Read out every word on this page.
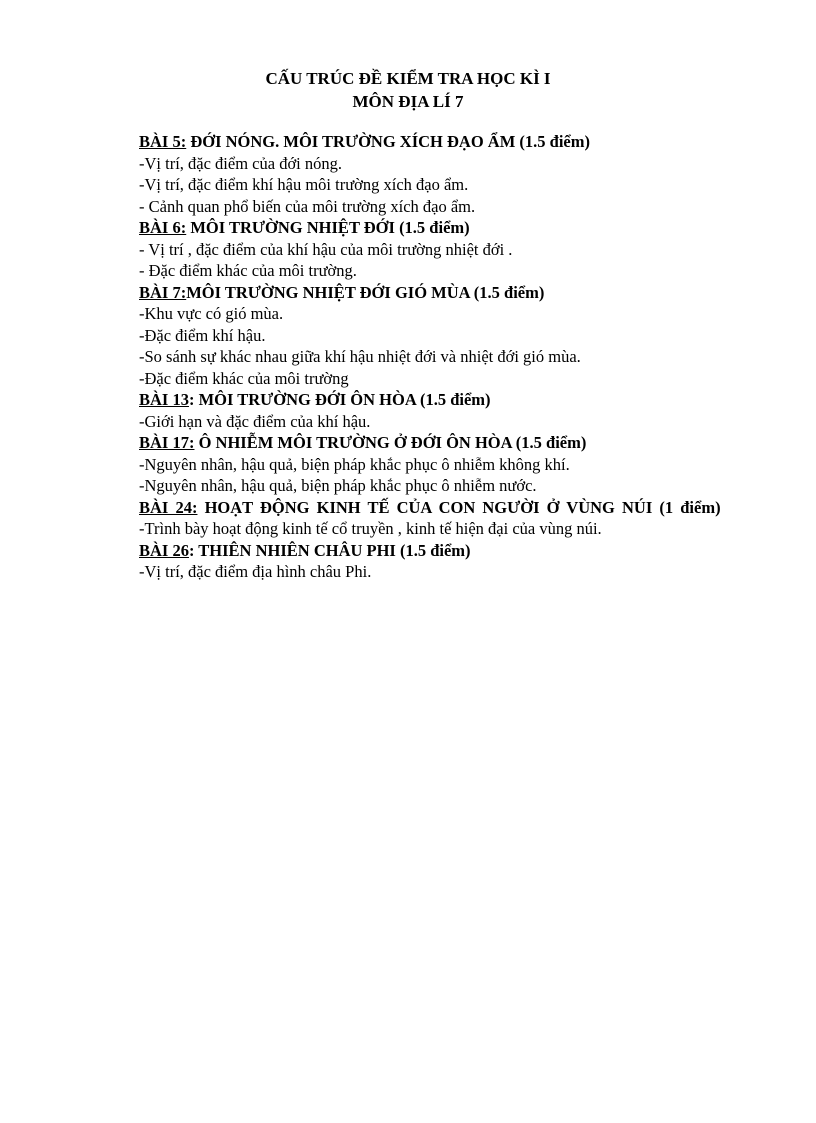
CẤU TRÚC ĐỀ KIỂM TRA HỌC KÌ I
MÔN ĐỊA LÍ 7
BÀI 5: ĐỚI NÓNG. MÔI TRƯỜNG XÍCH ĐẠO ẨM (1.5 điểm)
-Vị trí, đặc điểm của đới nóng.
-Vị trí, đặc điểm khí hậu môi trường xích đạo ẩm.
- Cảnh quan phổ biến của môi trường xích đạo ẩm.
BÀI 6: MÔI TRƯỜNG NHIỆT ĐỚI (1.5 điểm)
- Vị trí , đặc điểm của khí hậu của môi trường nhiệt đới .
- Đặc điểm khác của môi trường.
BÀI 7:MÔI TRƯỜNG NHIỆT ĐỚI GIÓ MÙA (1.5 điểm)
-Khu vực có gió mùa.
-Đặc điểm khí hậu.
-So sánh sự khác nhau giữa khí hậu nhiệt đới và nhiệt đới gió mùa.
-Đặc điểm khác của môi trường
BÀI 13: MÔI TRƯỜNG ĐỚI ÔN HÒA (1.5 điểm)
-Giới hạn và đặc điểm của khí hậu.
BÀI 17: Ô NHIỄM MÔI TRƯỜNG Ở ĐỚI ÔN HÒA (1.5 điểm)
-Nguyên nhân, hậu quả, biện pháp khắc phục ô nhiễm không khí.
-Nguyên nhân, hậu quả, biện pháp khắc phục ô nhiễm nước.
BÀI 24: HOẠT ĐỘNG KINH TẾ CỦA CON NGƯỜI Ở VÙNG NÚI (1 điểm)
-Trình bày hoạt động kinh tế cổ truyền , kinh tế hiện đại của vùng núi.
BÀI 26: THIÊN NHIÊN CHÂU PHI (1.5 điểm)
-Vị trí, đặc điểm địa hình châu Phi.
